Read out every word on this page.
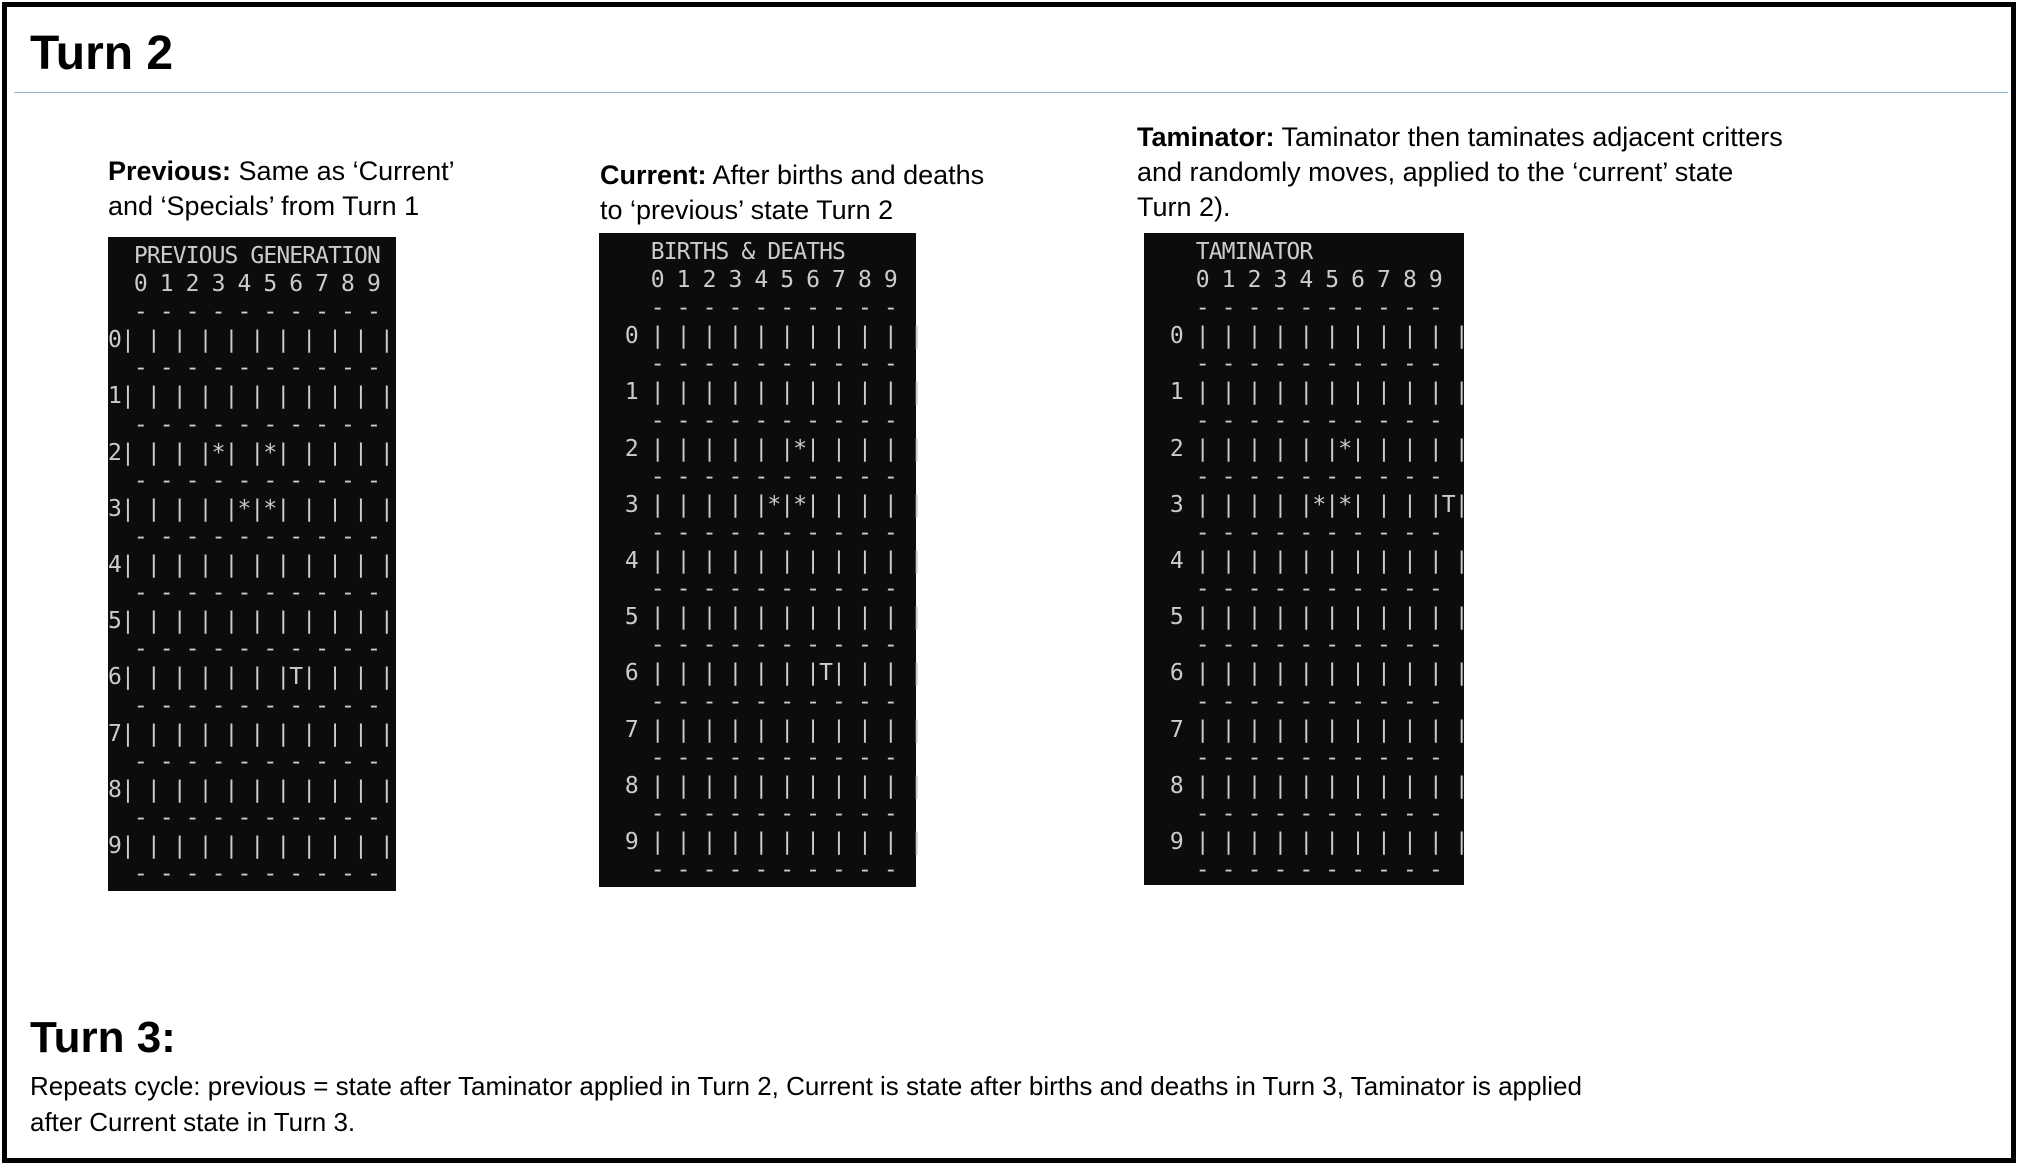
Turn 2

Previous: Same as ‘Current’
and ‘Specials’ from Turn 1

PREVIOUS GENERATION
0 1 2 3 4 5 6 7 8 9
- - - - - - - - - -
0| | | | | | | | | | |
- - - - - - - - - -
1| | | | | | | | | | |
- - - - - - - - - -
2| | | |*| |*| | | | |
- - - - - - - - - -
3| | | | |*|*| | | | |
- - - - - - - - - -
4| | | | | | | | | | |
- - - - - - - - - -
5| | | | | | | | | | |
- - - - - - - - - -
6| | | | | | |T| | | |
- - - - - - - - - -
7| | | | | | | | | | |
- - - - - - - - - -
8| | | | | | | | | | |
- - - - - - - - - -
9| | | | | | | | | | |
- - - - - - - - - -

Current: After births and deaths
to ‘previous’ state Turn 2

BIRTHS & DEATHS
0 1 2 3 4 5 6 7 8 9
- - - - - - - - - -
0 | | | | | | | | | | |
- - - - - - - - - -
1 | | | | | | | | | | |
- - - - - - - - - -
2 | | | | | |*| | | | |
- - - - - - - - - -
3 | | | | |*|*| | | | |
- - - - - - - - - -
4 | | | | | | | | | | |
- - - - - - - - - -
5 | | | | | | | | | | |
- - - - - - - - - -
6 | | | | | | |T| | | |
- - - - - - - - - -
7 | | | | | | | | | | |
- - - - - - - - - -
8 | | | | | | | | | | |
- - - - - - - - - -
9 | | | | | | | | | | |
- - - - - - - - - -

Taminator: Taminator then taminates adjacent critters
and randomly moves, applied to the ‘current’ state
Turn 2).

TAMINATOR
0 1 2 3 4 5 6 7 8 9
- - - - - - - - - -
0 | | | | | | | | | | |
- - - - - - - - - -
1 | | | | | | | | | | |
- - - - - - - - - -
2 | | | | | |*| | | | |
- - - - - - - - - -
3 | | | | |*|*| | | |T|
- - - - - - - - - -
4 | | | | | | | | | | |
- - - - - - - - - -
5 | | | | | | | | | | |
- - - - - - - - - -
6 | | | | | | | | | | |
- - - - - - - - - -
7 | | | | | | | | | | |
- - - - - - - - - -
8 | | | | | | | | | | |
- - - - - - - - - -
9 | | | | | | | | | | |
- - - - - - - - - -
Turn 3:

Repeats cycle: previous = state after Taminator applied in Turn 2, Current is state after births and deaths in Turn 3, Taminator is applied after Current state in Turn 3.
